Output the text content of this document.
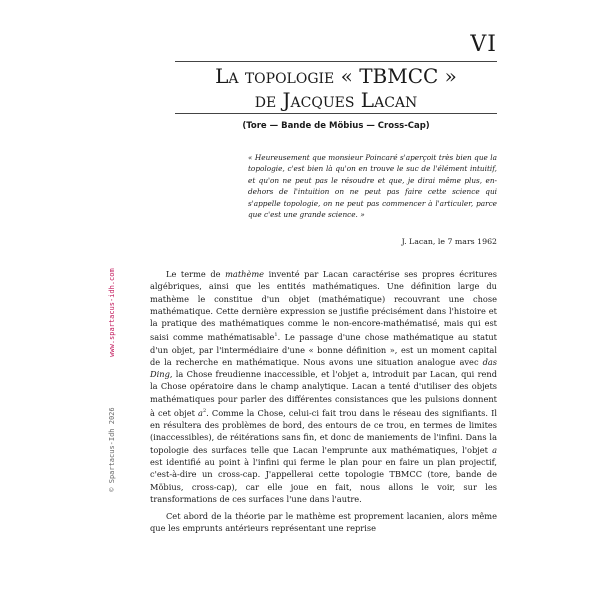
VI
La topologie « TBMCC »
de Jacques Lacan
(Tore — Bande de Möbius — Cross-Cap)
« Heureusement que monsieur Poincaré s'aperçoit très bien que la topologie, c'est bien là qu'on en trouve le suc de l'élément intuitif, et qu'on ne peut pas le résoudre et que, je dirai même plus, en-dehors de l'intuition on ne peut pas faire cette science qui s'appelle topologie, on ne peut pas commencer à l'articuler, parce que c'est une grande science. »
J. Lacan, le 7 mars 1962
© Spartacus-Idh 2026            www.spartacus-idh.com	Le terme de mathème inventé par Lacan caractérise ses propres écritures algébriques, ainsi que les entités mathématiques. Une définition large du mathème le constitue d'un objet (mathématique) recouvrant une chose mathématique. Cette dernière expression se justifie précisément dans l'histoire et la pratique des mathématiques comme le non-encore-mathématisé, mais qui est saisi comme mathématisable$^1$. Le passage d'une chose mathématique au statut d'un objet, par l'intermédiaire d'une « bonne définition », est un moment capital de la recherche en mathématique. Nous avons une situation analogue avec das Ding, la Chose freudienne inaccessible, et l'objet a, introduit par Lacan, qui rend la Chose opératoire dans le champ analytique. Lacan a tenté d'utiliser des objets mathématiques pour parler des différentes consistances que les pulsions donnent à cet objet $a^2$. Comme la Chose, celui-ci fait trou dans le réseau des signifiants. Il en résultera des problèmes de bord, des entours de ce trou, en termes de limites (inaccessibles), de réitérations sans fin, et donc de maniements de l'infini. Dans la topologie des surfaces telle que Lacan l'emprunte aux mathématiques, l'objet a est identifié au point à l'infini qui ferme le plan pour en faire un plan projectif, c'est-à-dire un cross-cap. J'appellerai cette topologie TBMCC (tore, bande de Möbius, cross-cap), car elle joue en fait, nous allons le voir, sur les transformations de ces surfaces l'une dans l'autre.

Cet abord de la théorie par le mathème est proprement lacanien, alors même que les emprunts antérieurs représentant une reprise
